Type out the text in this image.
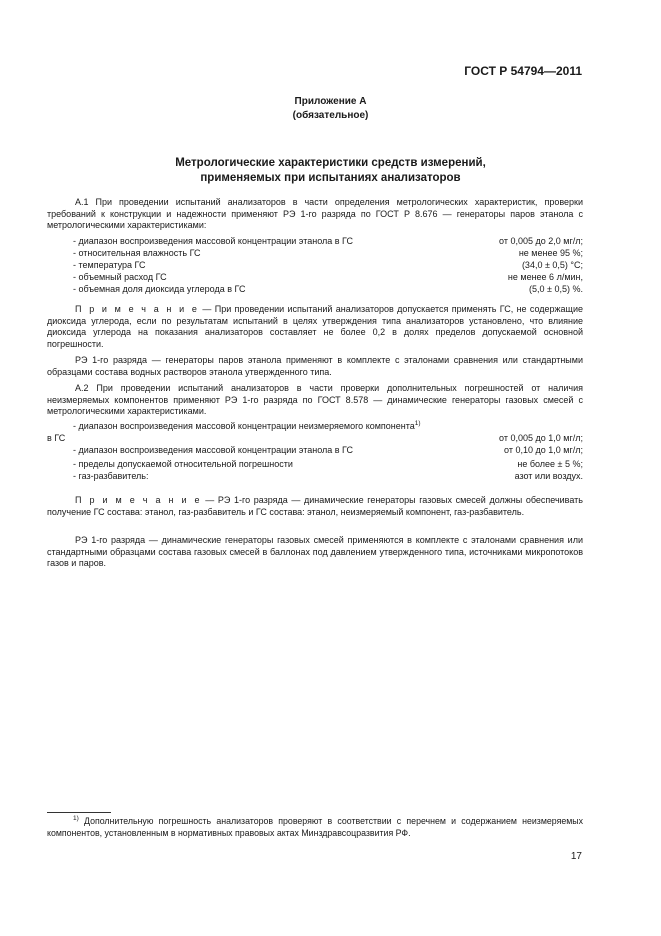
ГОСТ Р 54794—2011
Приложение А
(обязательное)
Метрологические характеристики средств измерений,
применяемых при испытаниях анализаторов
А.1 При проведении испытаний анализаторов в части определения метрологических характеристик, проверки требований к конструкции и надежности применяют РЭ 1-го разряда по ГОСТ Р 8.676 — генераторы паров этанола с метрологическими характеристиками:
- диапазон воспроизведения массовой концентрации этанола в ГС	от 0,005 до 2,0 мг/л;
- относительная влажность ГС	не менее 95 %;
- температура ГС	(34,0 ± 0,5) °С;
- объемный расход ГС	не менее 6 л/мин,
- объемная доля диоксида углерода в ГС	(5,0 ± 0,5) %.
П р и м е ч а н и е — При проведении испытаний анализаторов допускается применять ГС, не содержащие диоксида углерода, если по результатам испытаний в целях утверждения типа анализаторов установлено, что влияние диоксида углерода на показания анализаторов составляет не более 0,2 в долях пределов допускаемой основной погрешности.
РЭ 1-го разряда — генераторы паров этанола применяют в комплекте с эталонами сравнения или стандартными образцами состава водных растворов этанола утвержденного типа.
А.2 При проведении испытаний анализаторов в части проверки дополнительных погрешностей от наличия неизмеряемых компонентов применяют РЭ 1-го разряда по ГОСТ 8.578 — динамические генераторы газовых смесей с метрологическими характеристиками.
- диапазон воспроизведения массовой концентрации неизмеряемого компонента$^{1)}$
в ГС	от 0,005 до 1,0 мг/л;
- диапазон воспроизведения массовой концентрации этанола в ГС	от 0,10 до 1,0 мг/л;
- пределы допускаемой относительной погрешности	не более ± 5 %;
- газ-разбавитель:	азот или воздух.
П р и м е ч а н и е — РЭ 1-го разряда — динамические генераторы газовых смесей должны обеспечивать получение ГС состава: этанол, газ-разбавитель и ГС состава: этанол, неизмеряемый компонент, газ-разбавитель.
РЭ 1-го разряда — динамические генераторы газовых смесей применяются в комплекте с эталонами сравнения или стандартными образцами состава газовых смесей в баллонах под давлением утвержденного типа, источниками микропотоков газов и паров.
$^{1)}$ Дополнительную погрешность анализаторов проверяют в соответствии с перечнем и содержанием неизмеряемых компонентов, установленным в нормативных правовых актах Минздравсоцразвития РФ.
17
